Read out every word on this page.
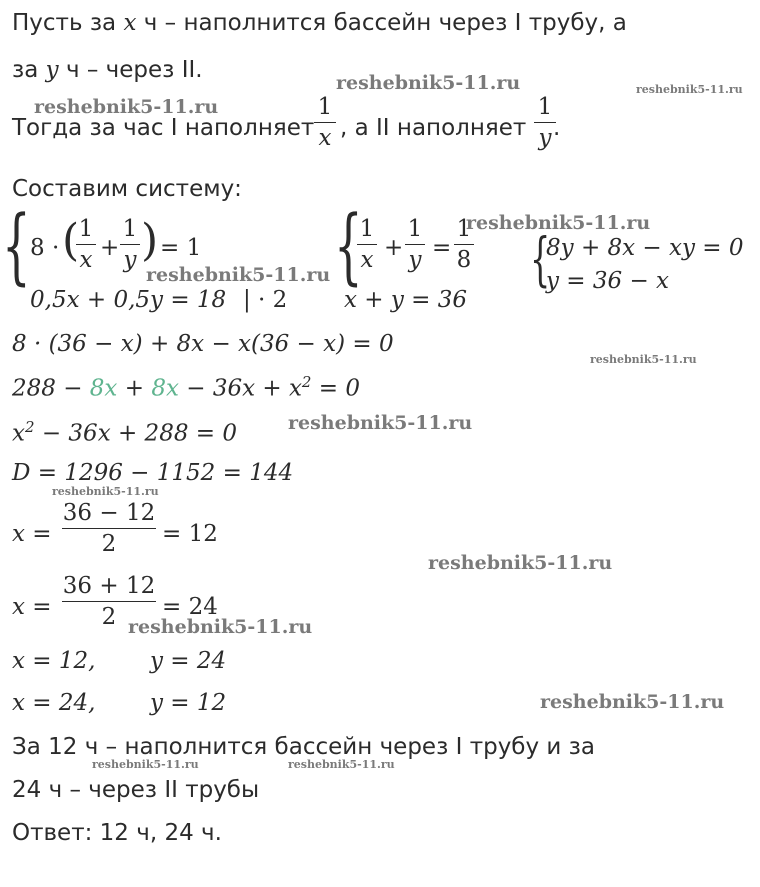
Пусть за x ч – наполнится бассейн через I трубу, а
за y ч – через II.
Тогда за час I наполняет
1
x , а II наполняет
1
y .
Составим систему:
{ 8 · ( 1
x +
1
y ) = 1
0,5x + 0,5y = 18 | · 2
{
1
x +
1
y =
1
8
x + y = 36
{
8y + 8x − xy = 0
y = 36 − x
8 · (36 − x) + 8x − x(36 − x) = 0
$288 - 8x + 8x - 36x + x^2 = 0$
$x^2 - 36x + 288 = 0$
D = 1296 − 1152 = 144
x =
36 − 12
2	= 12
x =
36 + 12
2	= 24
x = 12, y = 24
x = 24, y = 12
За 12 ч – наполнится бассейн через I трубу и за
24 ч – через II трубы
Ответ: 12 ч, 24 ч.
reshebnik5-11.ru	reshebnik5-11.ru
reshebnik5-11.ru
reshebnik5-11.ru
reshebnik5-11.ru
reshebnik5-11.ru
reshebnik5-11.ru
reshebnik5-11.ru
reshebnik5-11.ru
reshebnik5-11.ru
reshebnik5-11.ru
reshebnik5-11.ru	reshebnik5-11.ru
